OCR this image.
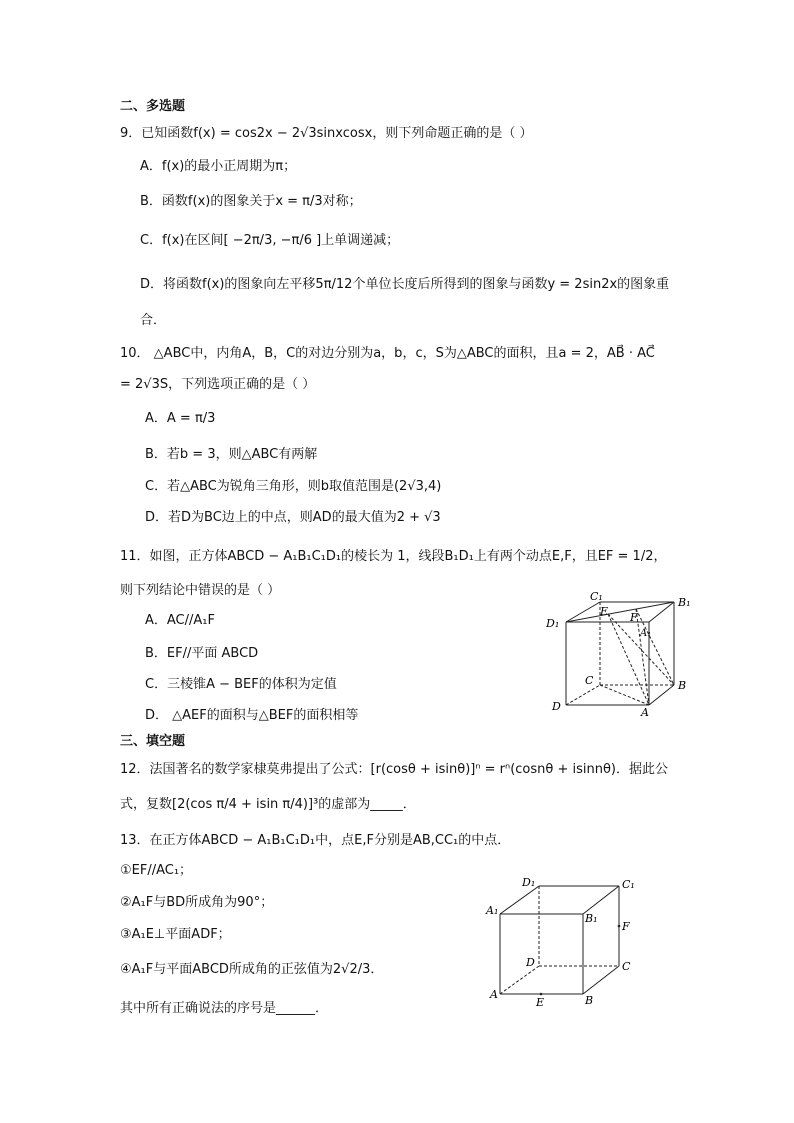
二、多选题
9．已知函数f(x) = cos2x − 2√3sinxcosx，则下列命题正确的是（ ）
A．f(x)的最小正周期为π；
B．函数f(x)的图象关于x = π/3对称；
C．f(x)在区间[ −2π/3, −π/6 ]上单调递减；
D．将函数f(x)的图象向左平移5π/12个单位长度后所得到的图象与函数y = 2sin2x的图象重
合．
10． △ABC中，内角A，B，C的对边分别为a，b，c，S为△ABC的面积，且a = 2，AB⃗ · AC⃗
= 2√3S，下列选项正确的是（ ）
A．A = π/3
B．若b = 3，则△ABC有两解
C．若△ABC为锐角三角形，则b取值范围是(2√3,4)
D．若D为BC边上的中点，则AD的最大值为2 + √3
11．如图，正方体ABCD − A₁B₁C₁D₁的棱长为 1，线段B₁D₁上有两个动点E,F，且EF = 1/2，
则下列结论中错误的是（ ）
A．AC//A₁F
B．EF//平面 ABCD
C．三棱锥A − BEF的体积为定值
D． △AEF的面积与△BEF的面积相等
C₁	B₁
D₁
E F
A₁
C	B
D	A
三、填空题
12．法国著名的数学家棣莫弗提出了公式：[r(cosθ + isinθ)]ⁿ = rⁿ(cosnθ + isinnθ)．据此公
式，复数[2(cos π/4 + isin π/4)]³的虚部为_____．
13．在正方体ABCD − A₁B₁C₁D₁中，点E,F分别是AB,CC₁的中点．
①EF//AC₁；
②A₁F与BD所成角为90°；
③A₁E⊥平面ADF；
④A₁F与平面ABCD所成角的正弦值为2√2/3．
其中所有正确说法的序号是______．
D₁	C₁
A₁
B₁
F
D	C
A
E	B
